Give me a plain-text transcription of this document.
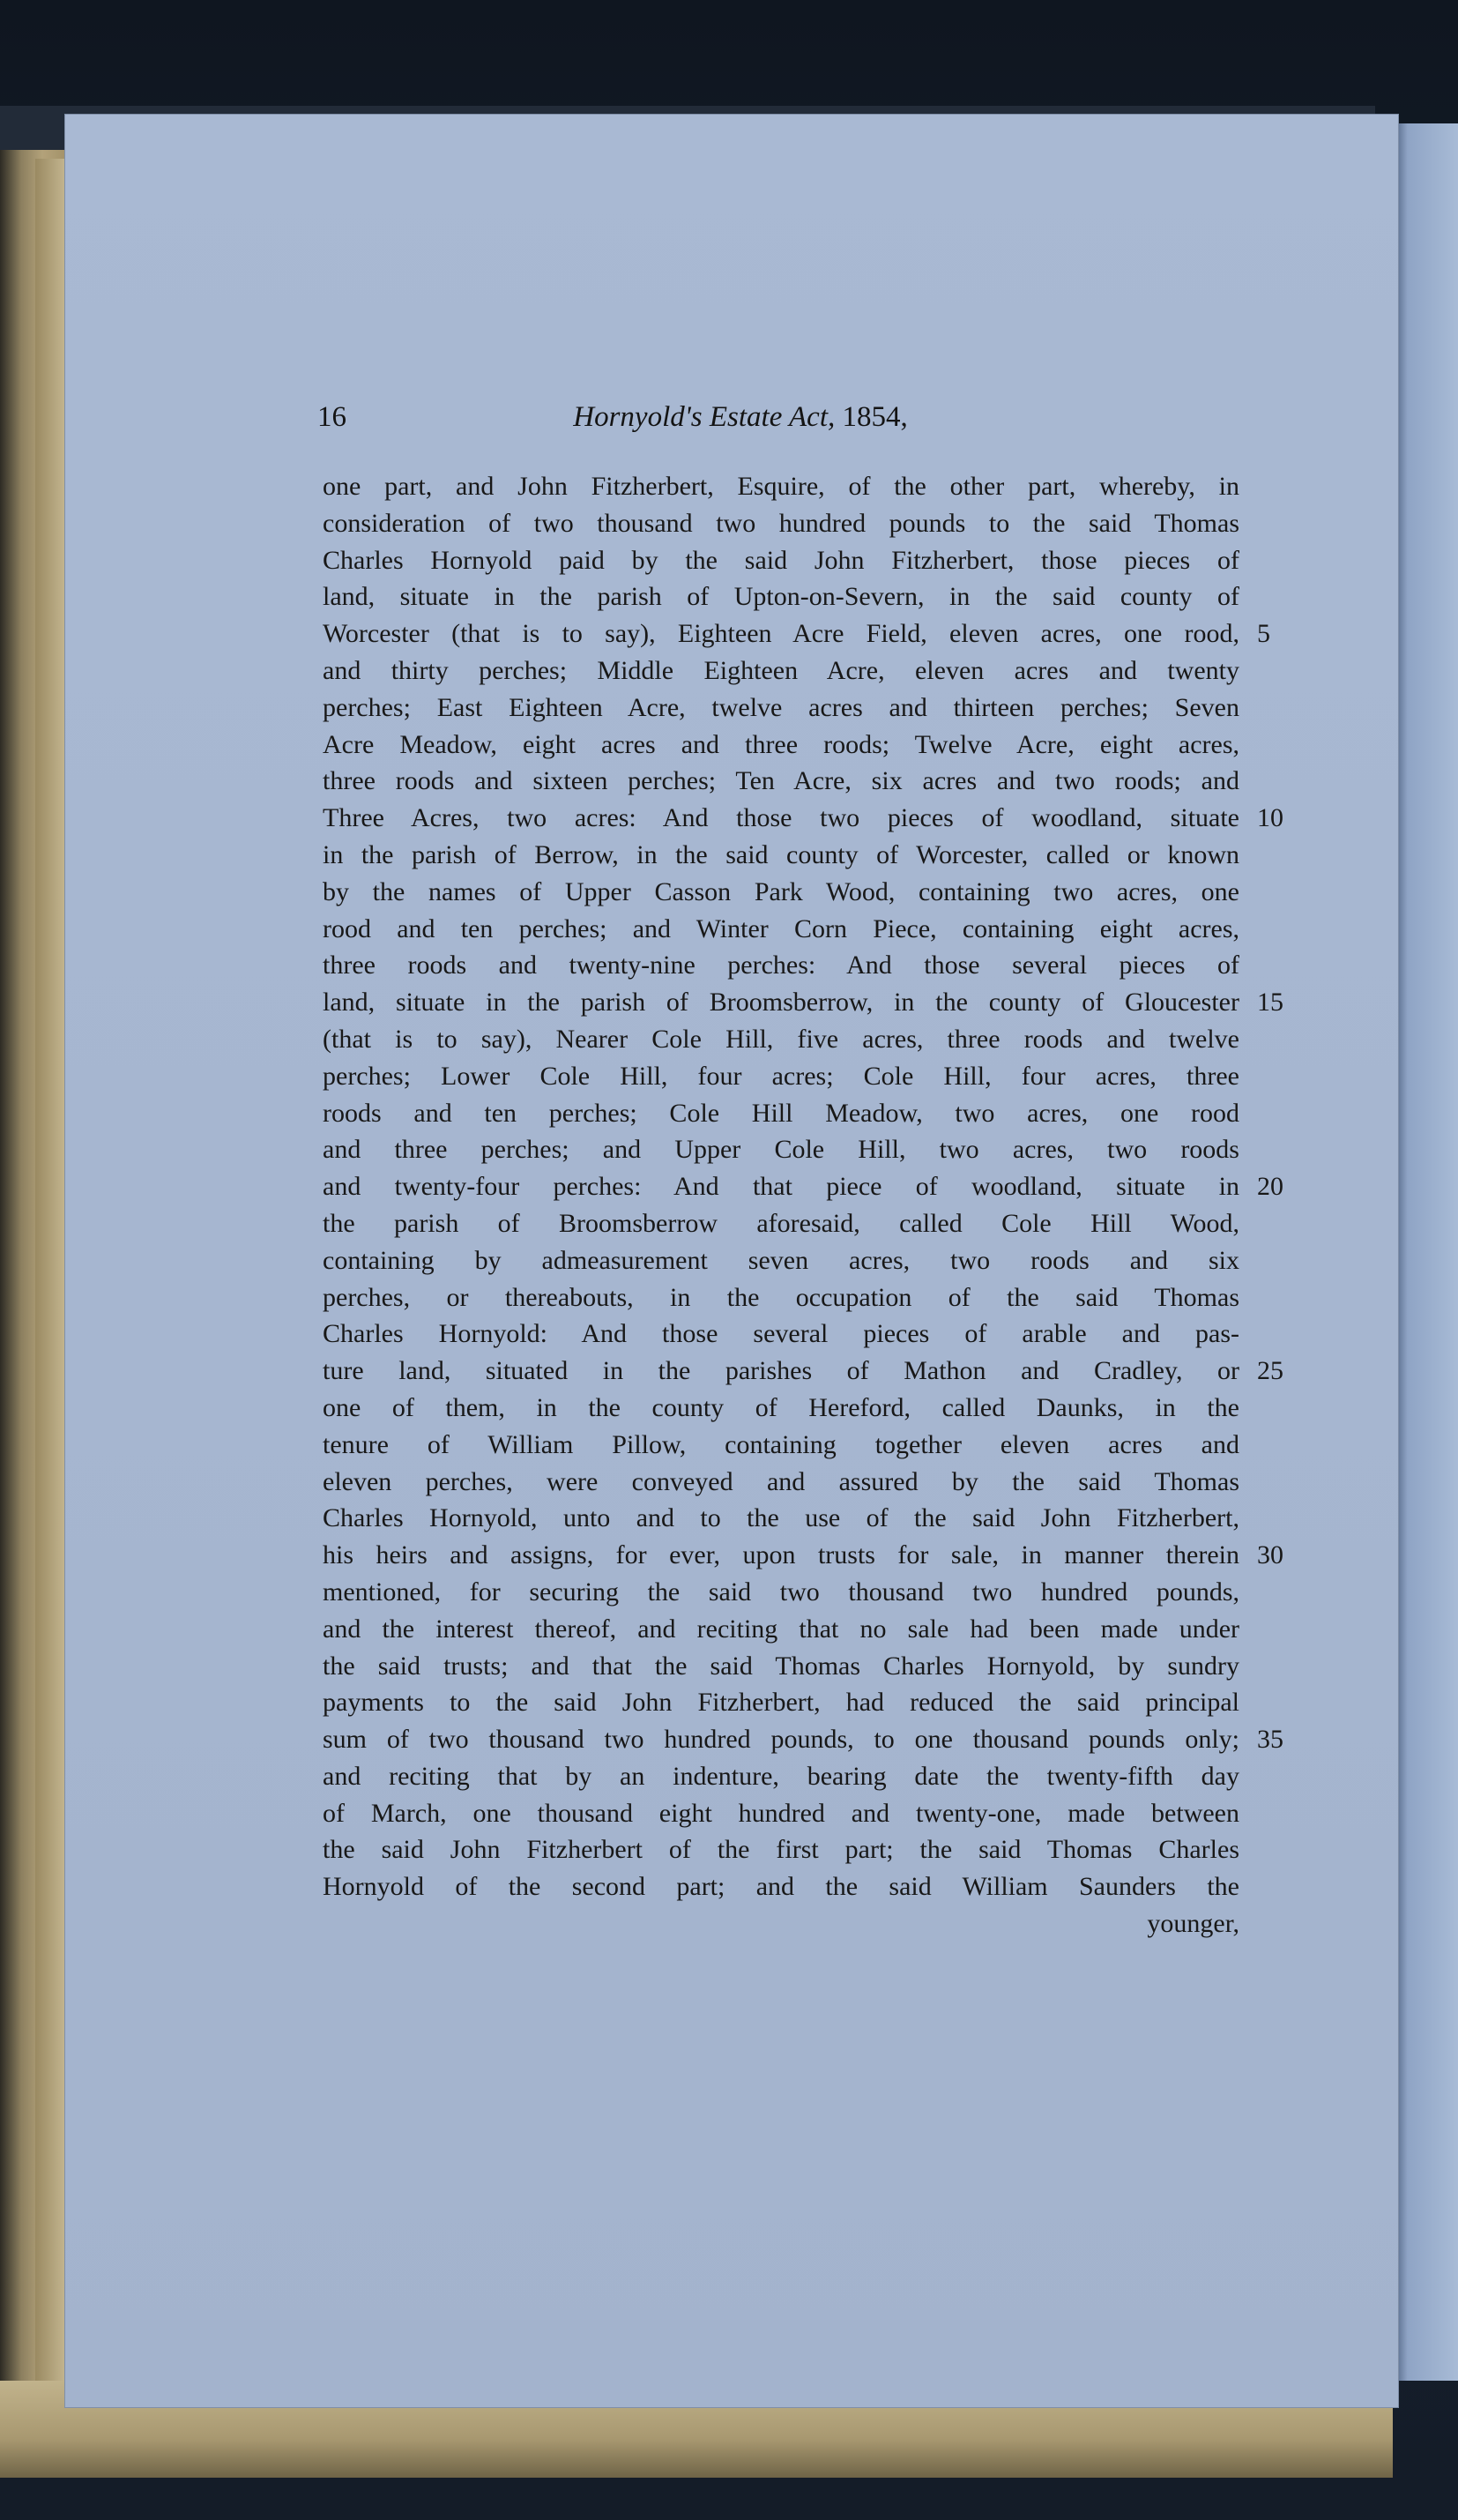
16	Hornyold's Estate Act, 1854,
one part, and John Fitzherbert, Esquire, of the other part, whereby, in
consideration of two thousand two hundred pounds to the said Thomas
Charles Hornyold paid by the said John Fitzherbert, those pieces of
land, situate in the parish of Upton-on-Severn, in the said county of
Worcester (that is to say), Eighteen Acre Field, eleven acres, one rood, 5
and thirty perches; Middle Eighteen Acre, eleven acres and twenty
perches; East Eighteen Acre, twelve acres and thirteen perches; Seven
Acre Meadow, eight acres and three roods; Twelve Acre, eight acres,
three roods and sixteen perches; Ten Acre, six acres and two roods; and
Three Acres, two acres: And those two pieces of woodland, situate 10
in the parish of Berrow, in the said county of Worcester, called or known
by the names of Upper Casson Park Wood, containing two acres, one
rood and ten perches; and Winter Corn Piece, containing eight acres,
three roods and twenty-nine perches: And those several pieces of
land, situate in the parish of Broomsberrow, in the county of Gloucester 15
(that is to say), Nearer Cole Hill, five acres, three roods and twelve
perches; Lower Cole Hill, four acres; Cole Hill, four acres, three
roods and ten perches; Cole Hill Meadow, two acres, one rood
and three perches; and Upper Cole Hill, two acres, two roods
and twenty-four perches: And that piece of woodland, situate in 20
the parish of Broomsberrow aforesaid, called Cole Hill Wood,
containing by admeasurement seven acres, two roods and six
perches, or thereabouts, in the occupation of the said Thomas
Charles Hornyold: And those several pieces of arable and pas-
ture land, situated in the parishes of Mathon and Cradley, or 25
one of them, in the county of Hereford, called Daunks, in the
tenure of William Pillow, containing together eleven acres and
eleven perches, were conveyed and assured by the said Thomas
Charles Hornyold, unto and to the use of the said John Fitzherbert,
his heirs and assigns, for ever, upon trusts for sale, in manner therein 30
mentioned, for securing the said two thousand two hundred pounds,
and the interest thereof, and reciting that no sale had been made under
the said trusts; and that the said Thomas Charles Hornyold, by sundry
payments to the said John Fitzherbert, had reduced the said principal
sum of two thousand two hundred pounds, to one thousand pounds only; 35
and reciting that by an indenture, bearing date the twenty-fifth day
of March, one thousand eight hundred and twenty-one, made between
the said John Fitzherbert of the first part; the said Thomas Charles
Hornyold of the second part; and the said William Saunders the
younger,
